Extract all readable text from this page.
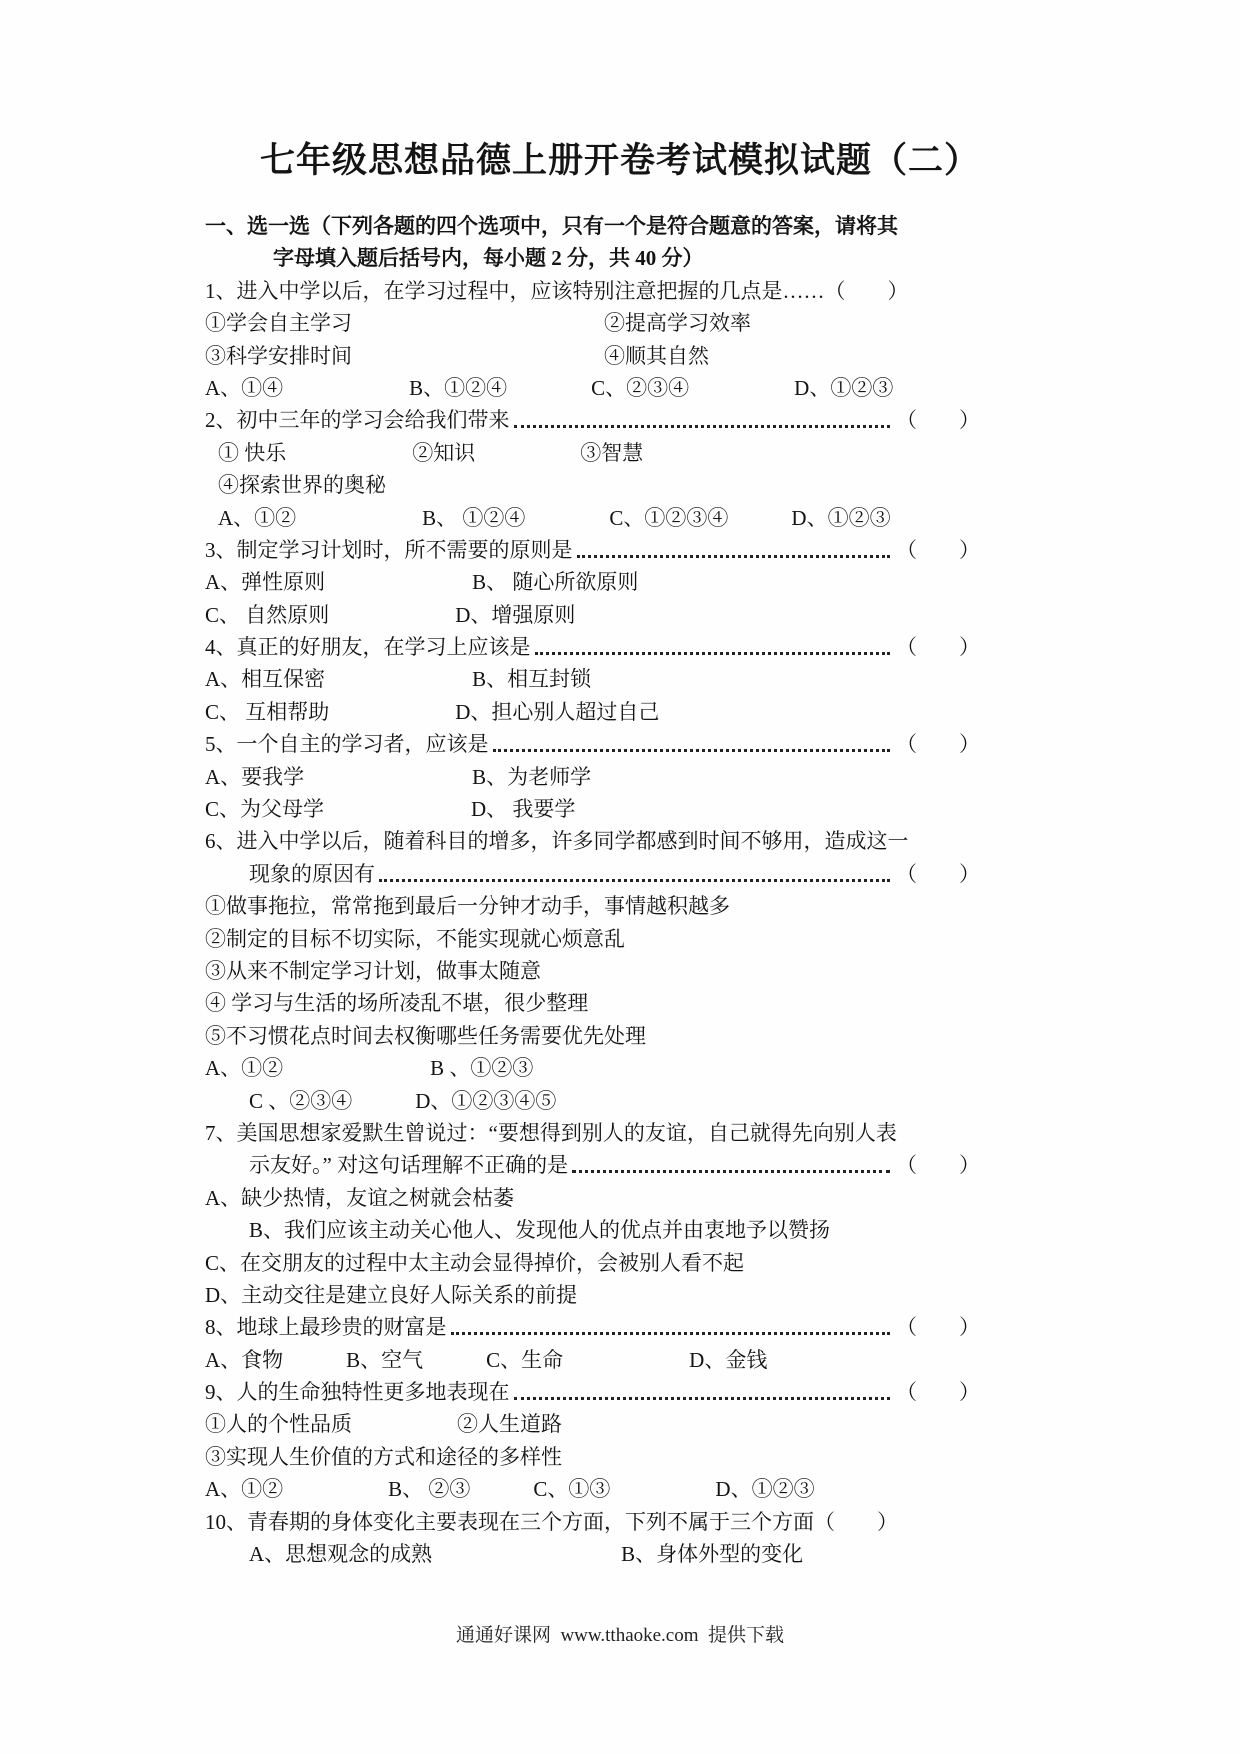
七年级思想品德上册开卷考试模拟试题（二）
一、选一选（下列各题的四个选项中，只有一个是符合题意的答案，请将其
字母填入题后括号内，每小题 2 分，共 40 分）
1、进入中学以后，在学习过程中，应该特别注意把握的几点是…… （　　）
①学会自主学习　　　　　　　　　　　　②提高学习效率
③科学安排时间　　　　　　　　　　　　④顺其自然
A、①④　　　　　　B、①②④　　　　C、②③④　　　　　D、①②③
2、初中三年的学习会给我们带来	（　　）
① 快乐　　　　　　②知识　　　　　③智慧
④探索世界的奥秘
A、①②　　　　　　B、 ①②④　　　　C、①②③④　　　D、①②③
3、制定学习计划时，所不需要的原则是	（　　）
A、弹性原则　　　　　　　B、 随心所欲原则
C、 自然原则　　　　　　D、增强原则
4、真正的好朋友，在学习上应该是	（　　）
A、相互保密　　　　　　　B、相互封锁
C、 互相帮助　　　　　　D、担心别人超过自己
5、一个自主的学习者，应该是	（　　）
A、要我学　　　　　　　　B、为老师学
C、为父母学　　　　　　　D、 我要学
6、进入中学以后，随着科目的增多，许多同学都感到时间不够用，造成这一
现象的原因有	（　　）
①做事拖拉，常常拖到最后一分钟才动手，事情越积越多
②制定的目标不切实际，不能实现就心烦意乱
③从来不制定学习计划，做事太随意
④ 学习与生活的场所凌乱不堪，很少整理
⑤不习惯花点时间去权衡哪些任务需要优先处理
A、①②　　　　　　　B 、①②③
C 、②③④　　　D、①②③④⑤
7、美国思想家爱默生曾说过：“要想得到别人的友谊，自己就得先向别人表
示友好。” 对这句话理解不正确的是	（　　）
A、缺少热情，友谊之树就会枯萎
B、我们应该主动关心他人、发现他人的优点并由衷地予以赞扬
C、在交朋友的过程中太主动会显得掉价，会被别人看不起
D、主动交往是建立良好人际关系的前提
8、地球上最珍贵的财富是	（　　）
A、食物　　　B、空气　　　C、生命　　　　　　D、金钱
9、人的生命独特性更多地表现在	（　　）
①人的个性品质　　　　　②人生道路
③实现人生价值的方式和途径的多样性
A、①②　　　　　B、 ②③　　　C、①③　　　　　D、①②③
10、青春期的身体变化主要表现在三个方面，下列不属于三个方面 （　　）
A、思想观念的成熟　　　　　　　　　B、身体外型的变化
通通好课网  www.tthaoke.com  提供下载
